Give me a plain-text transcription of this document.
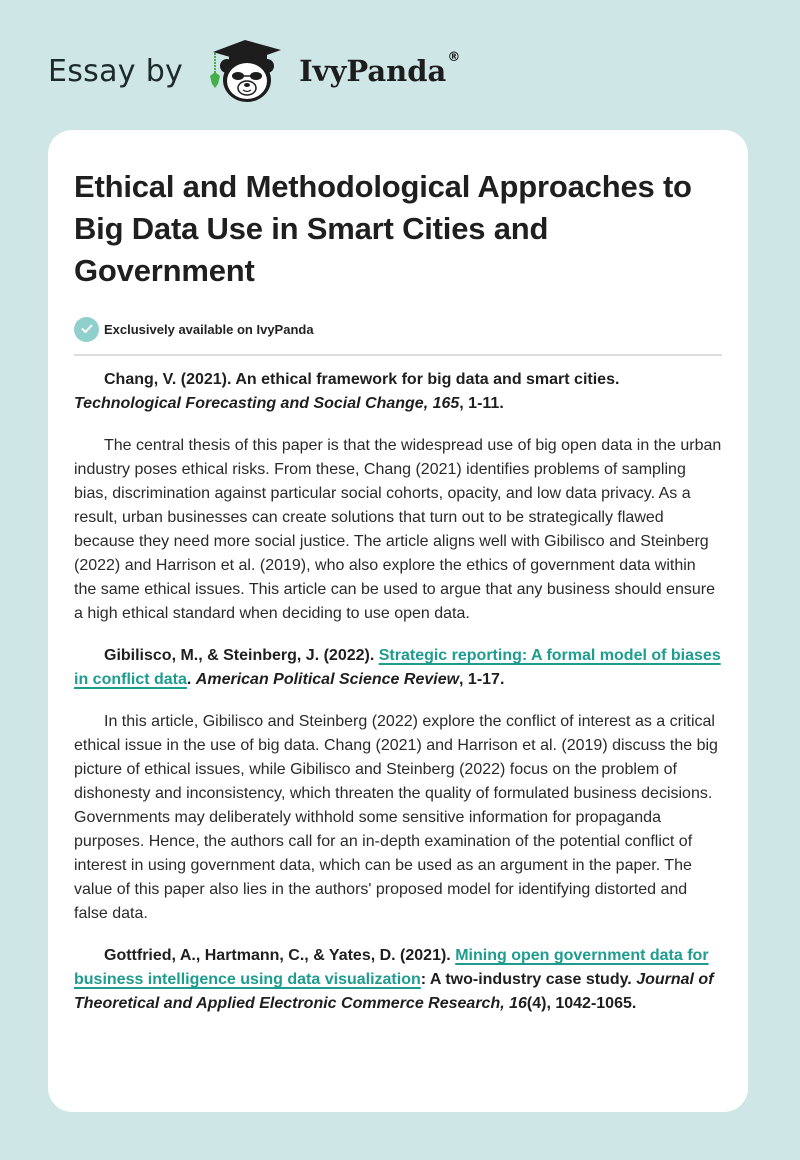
Essay by	IvyPanda®
Ethical and Methodological Approaches to Big Data Use in Smart Cities and Government
Exclusively available on IvyPanda

Chang, V. (2021). An ethical framework for big data and smart cities. Technological Forecasting and Social Change, 165, 1-11.

The central thesis of this paper is that the widespread use of big open data in the urban industry poses ethical risks. From these, Chang (2021) identifies problems of sampling bias, discrimination against particular social cohorts, opacity, and low data privacy. As a result, urban businesses can create solutions that turn out to be strategically flawed because they need more social justice. The article aligns well with Gibilisco and Steinberg (2022) and Harrison et al. (2019), who also explore the ethics of government data within the same ethical issues. This article can be used to argue that any business should ensure a high ethical standard when deciding to use open data.

Gibilisco, M., & Steinberg, J. (2022). Strategic reporting: A formal model of biases in conflict data. American Political Science Review, 1-17.

In this article, Gibilisco and Steinberg (2022) explore the conflict of interest as a critical ethical issue in the use of big data. Chang (2021) and Harrison et al. (2019) discuss the big picture of ethical issues, while Gibilisco and Steinberg (2022) focus on the problem of dishonesty and inconsistency, which threaten the quality of formulated business decisions. Governments may deliberately withhold some sensitive information for propaganda purposes. Hence, the authors call for an in-depth examination of the potential conflict of interest in using government data, which can be used as an argument in the paper. The value of this paper also lies in the authors' proposed model for identifying distorted and false data.

Gottfried, A., Hartmann, C., & Yates, D. (2021). Mining open government data for business intelligence using data visualization: A two-industry case study. Journal of Theoretical and Applied Electronic Commerce Research, 16(4), 1042-1065.
